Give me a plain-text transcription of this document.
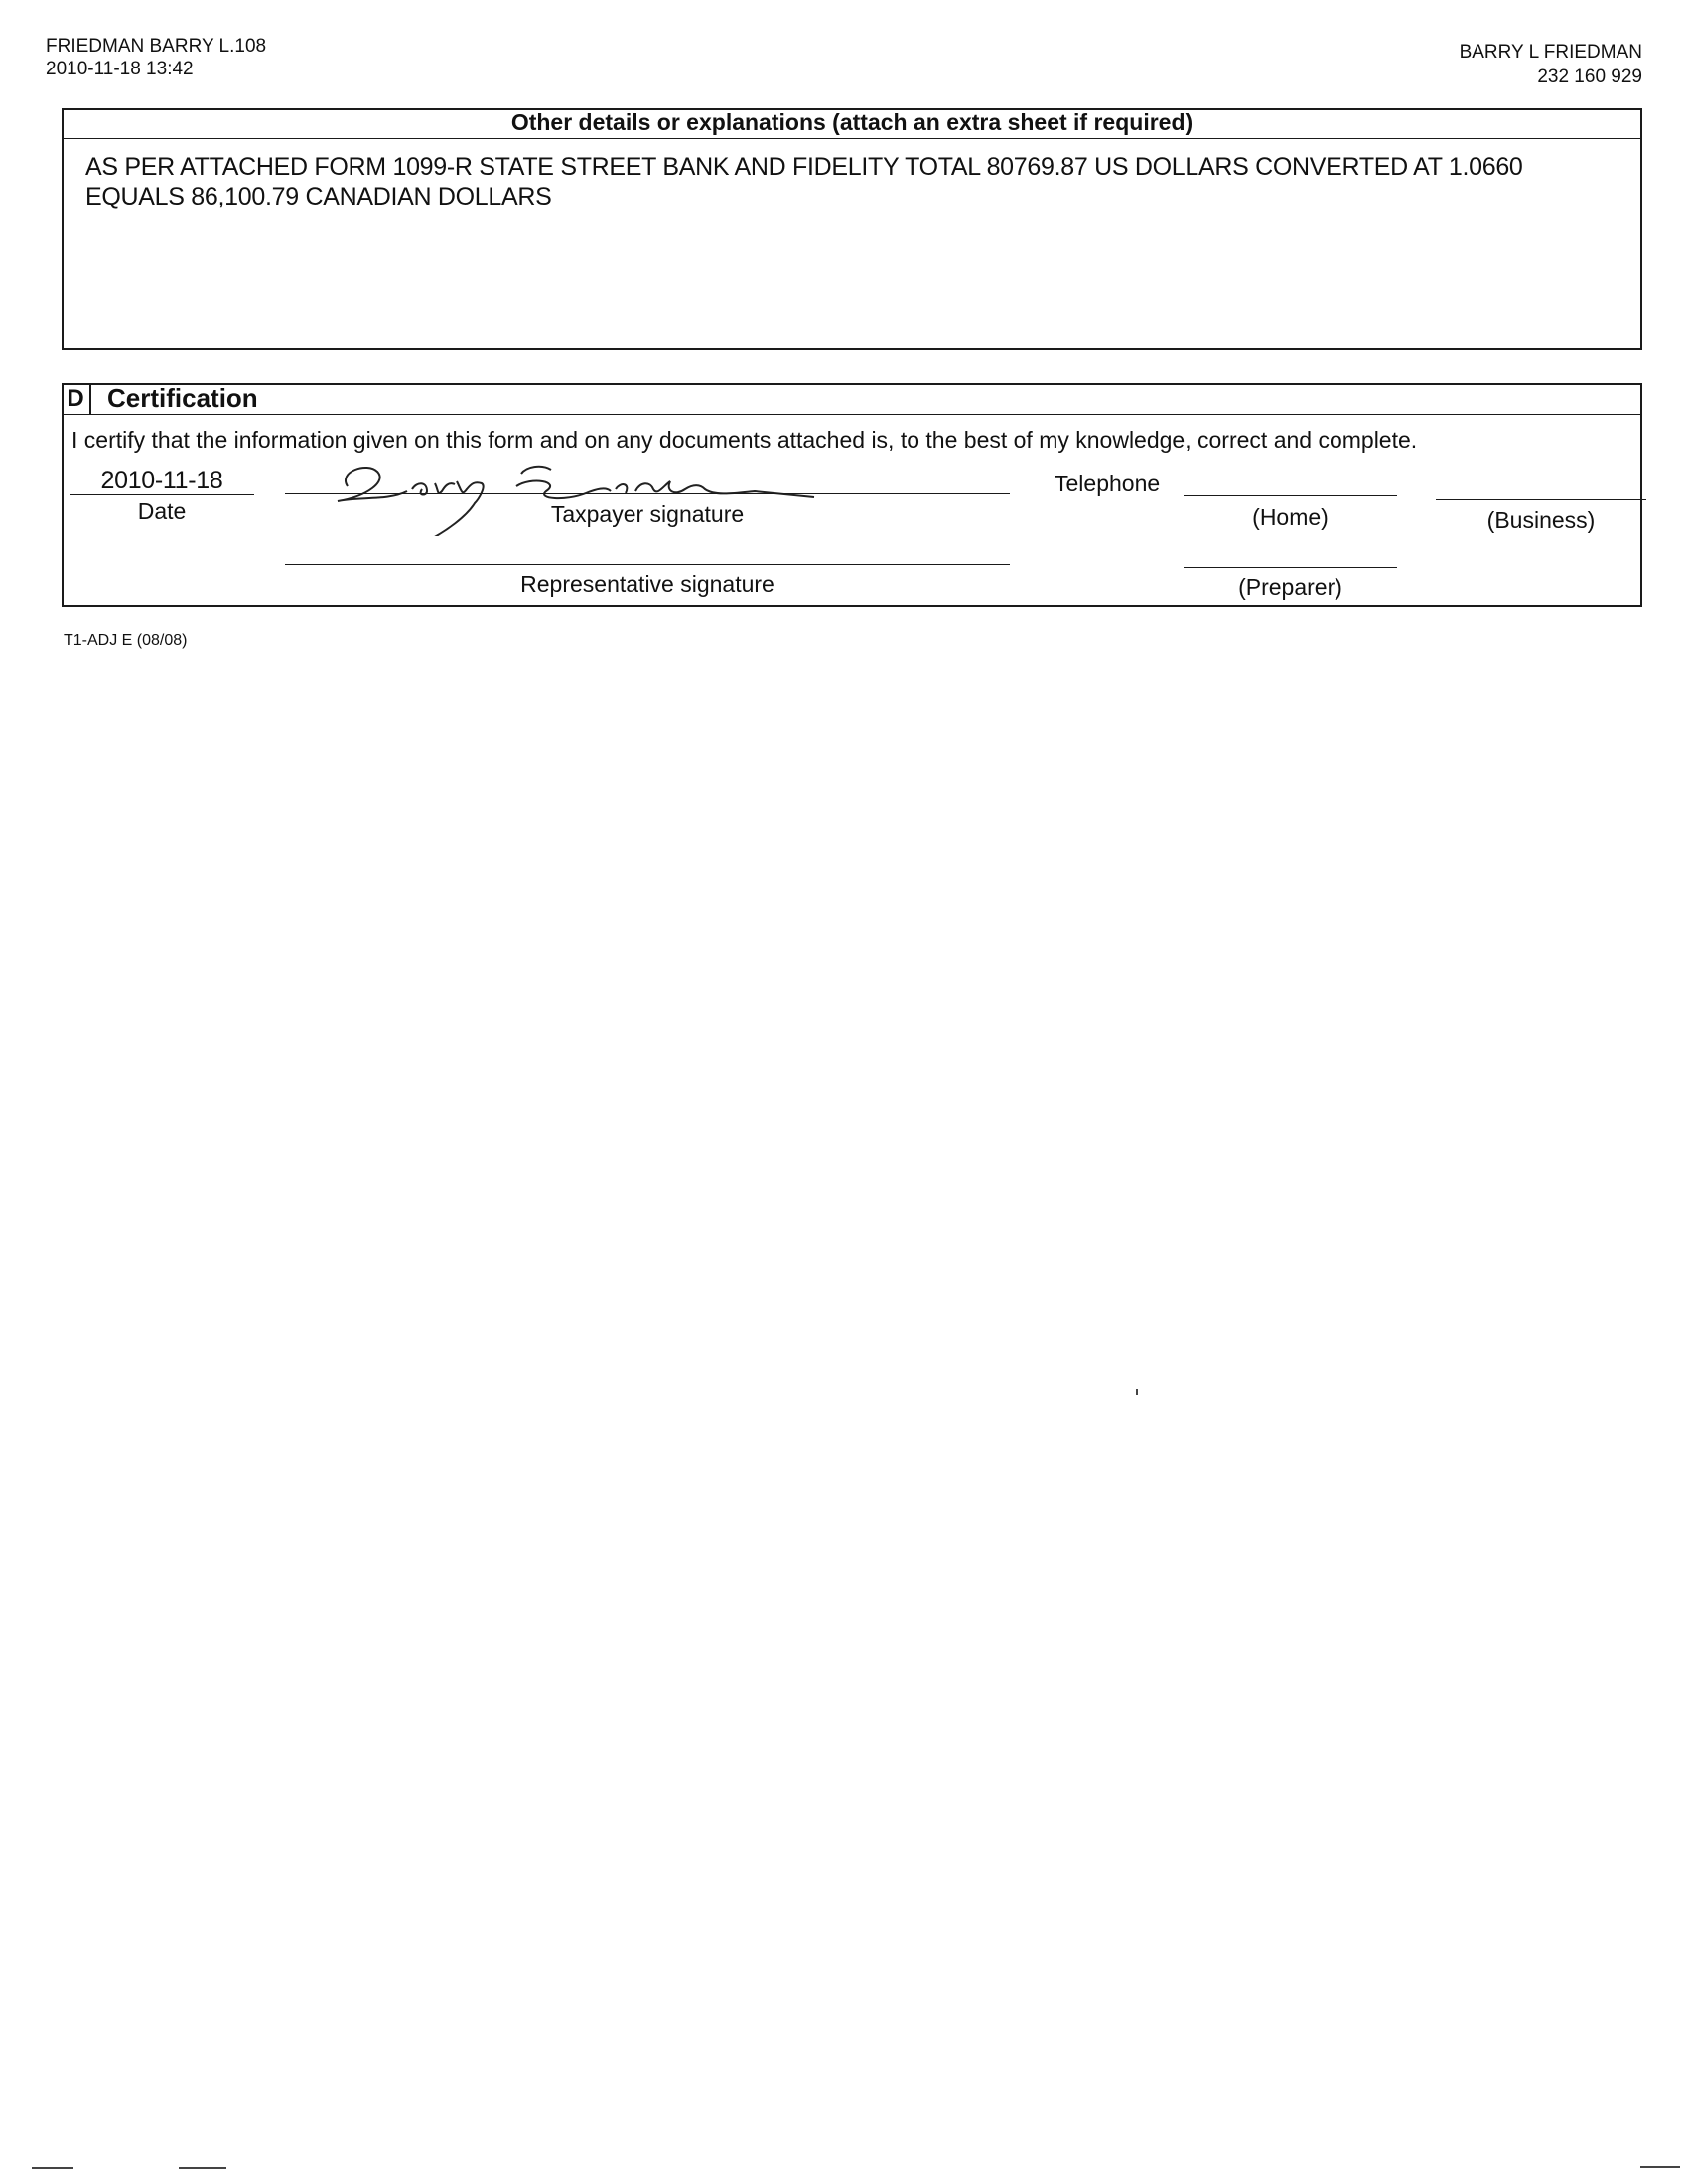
FRIEDMAN BARRY L.108
2010-11-18 13:42
BARRY L FRIEDMAN
232 160 929
Other details or explanations (attach an extra sheet if required)
AS PER ATTACHED FORM 1099-R STATE STREET BANK AND FIDELITY TOTAL 80769.87 US DOLLARS CONVERTED AT 1.0660 EQUALS 86,100.79 CANADIAN DOLLARS
D Certification
I certify that the information given on this form and on any documents attached is, to the best of my knowledge, correct and complete.
2010-11-18
Date	Taxpayer signature
Telephone
(Home)	(Business)
Representative signature	(Preparer)
T1-ADJ E (08/08)
